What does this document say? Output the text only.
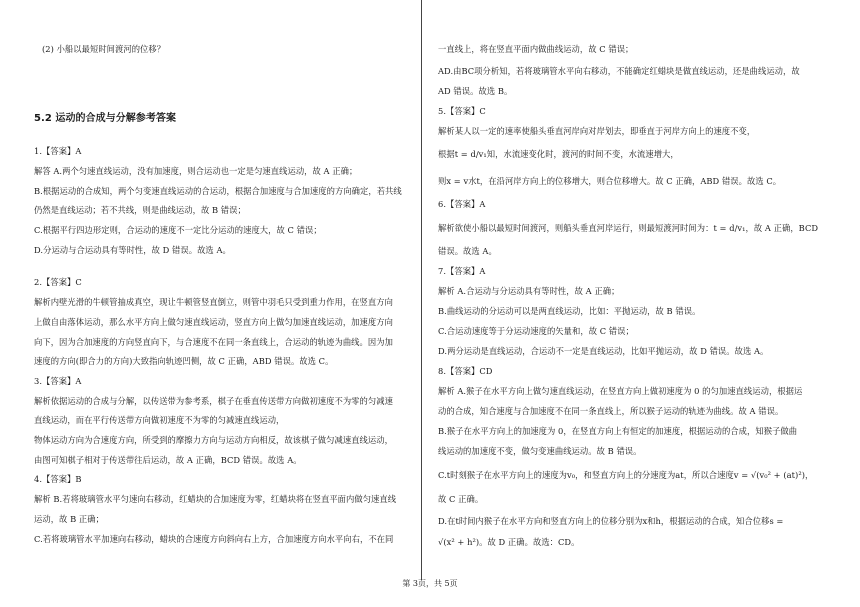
(2) 小船以最短时间渡河的位移？
5.2 运动的合成与分解参考答案
1.【答案】A
解答 A.两个匀速直线运动，没有加速度，则合运动也一定是匀速直线运动，故 A 正确；
B.根据运动的合成知，两个匀变速直线运动的合运动，根据合加速度与合加速度的方向确定，若共线
仍然是直线运动；若不共线，则是曲线运动，故 B 错误；
C.根据平行四边形定则，合运动的速度不一定比分运动的速度大，故 C 错误；
D.分运动与合运动具有等时性，故 D 错误。故选 A。
2.【答案】C
解析内壁光滑的牛顿管抽成真空，现让牛顿管竖直倒立，则管中羽毛只受到重力作用，在竖直方向
上做自由落体运动，那么水平方向上做匀速直线运动，竖直方向上做匀加速直线运动，加速度方向
向下，因为合加速度的方向竖直向下，与合速度不在同一条直线上，合运动的轨迹为曲线。因为加
速度的方向(即合力的方向)大致指向轨迹凹侧，故 C 正确，ABD 错误。故选 C。
3.【答案】A
解析依据运动的合成与分解，以传送带为参考系，棋子在垂直传送带方向做初速度不为零的匀减速
直线运动，而在平行传送带方向做初速度不为零的匀减速直线运动，
物体运动方向为合速度方向，所受到的摩擦力方向与运动方向相反，故该棋子做匀减速直线运动，
由图可知棋子相对于传送带往后运动，故 A 正确，BCD 错误。故选 A。
4.【答案】B
解析 B.若将玻璃管水平匀速向右移动，红蜡块的合加速度为零，红蜡块将在竖直平面内做匀速直线
运动，故 B 正确；
C.若将玻璃管水平加速向右移动，蜡块的合速度方向斜向右上方，合加速度方向水平向右，不在同
一直线上，将在竖直平面内做曲线运动，故 C 错误；
AD.由BC项分析知，若将玻璃管水平向右移动，不能确定红蜡块是做直线运动，还是曲线运动，故
AD 错误。故选 B。
5.【答案】C
解析某人以一定的速率使船头垂直河岸向对岸划去，即垂直于河岸方向上的速度不变，
根据t = d/v₁知，水流速变化时，渡河的时间不变，水流速增大，
则x = v水t，在沿河岸方向上的位移增大，则合位移增大。故 C 正确，ABD 错误。故选 C。
6.【答案】A
解析欲使小船以最短时间渡河，则船头垂直河岸运行，则最短渡河时间为：t = d/v₁，故 A 正确，BCD
错误。故选 A。
7.【答案】A
解析 A.合运动与分运动具有等时性，故 A 正确；
B.曲线运动的分运动可以是两直线运动，比如：平抛运动，故 B 错误。
C.合运动速度等于分运动速度的矢量和，故 C 错误；
D.两分运动是直线运动，合运动不一定是直线运动，比如平抛运动，故 D 错误。故选 A。
8.【答案】CD
解析 A.猴子在水平方向上做匀速直线运动，在竖直方向上做初速度为 0 的匀加速直线运动，根据运
动的合成，知合速度与合加速度不在同一条直线上，所以猴子运动的轨迹为曲线。故 A 错误。
B.猴子在水平方向上的加速度为 0，在竖直方向上有恒定的加速度，根据运动的合成，知猴子做曲
线运动的加速度不变，做匀变速曲线运动。故 B 错误。
C.t时刻猴子在水平方向上的速度为v₀，和竖直方向上的分速度为at，所以合速度v = √(v₀² + (at)²)，
故 C 正确。
D.在t时间内猴子在水平方向和竖直方向上的位移分别为x和h，根据运动的合成，知合位移s =
√(x² + h²)。故 D 正确。故选：CD。
第 3页，共 5页
